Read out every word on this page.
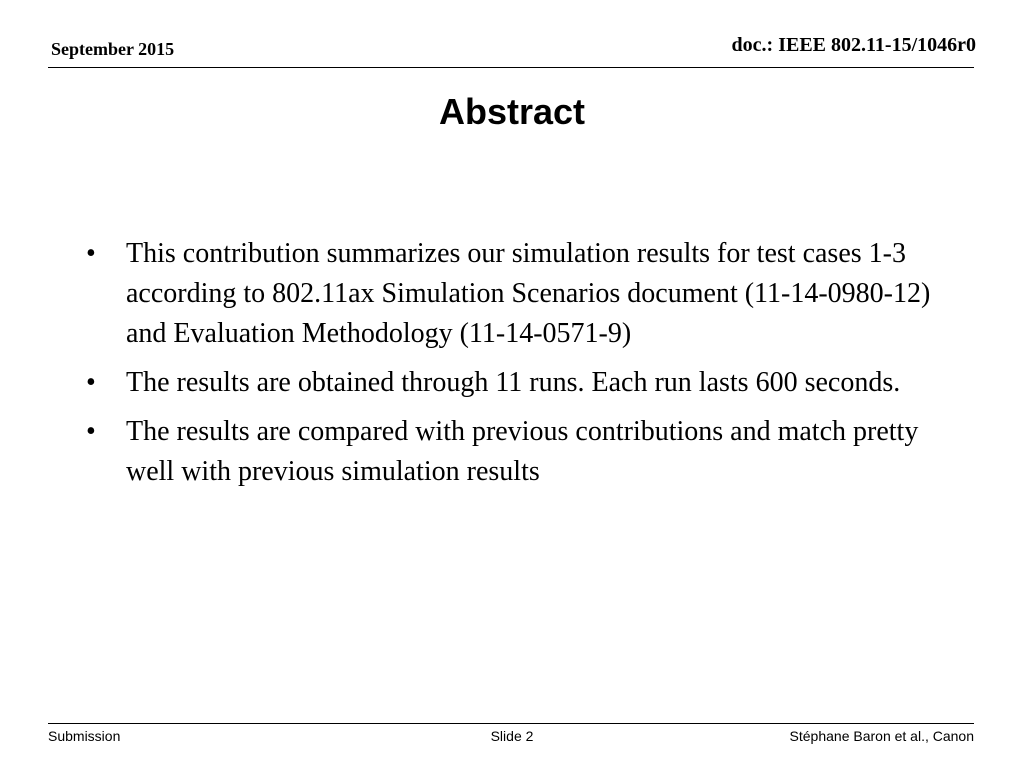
September 2015	doc.: IEEE 802.11-15/1046r0
Abstract
• This contribution summarizes our simulation results for test cases 1-3 according to 802.11ax Simulation Scenarios document (11-14-0980-12) and Evaluation Methodology (11-14-0571-9)
• The results are obtained through 11 runs. Each run lasts 600 seconds.
• The results are compared with previous contributions and match pretty well with previous simulation results
Submission	Slide 2	Stéphane Baron et al., Canon
